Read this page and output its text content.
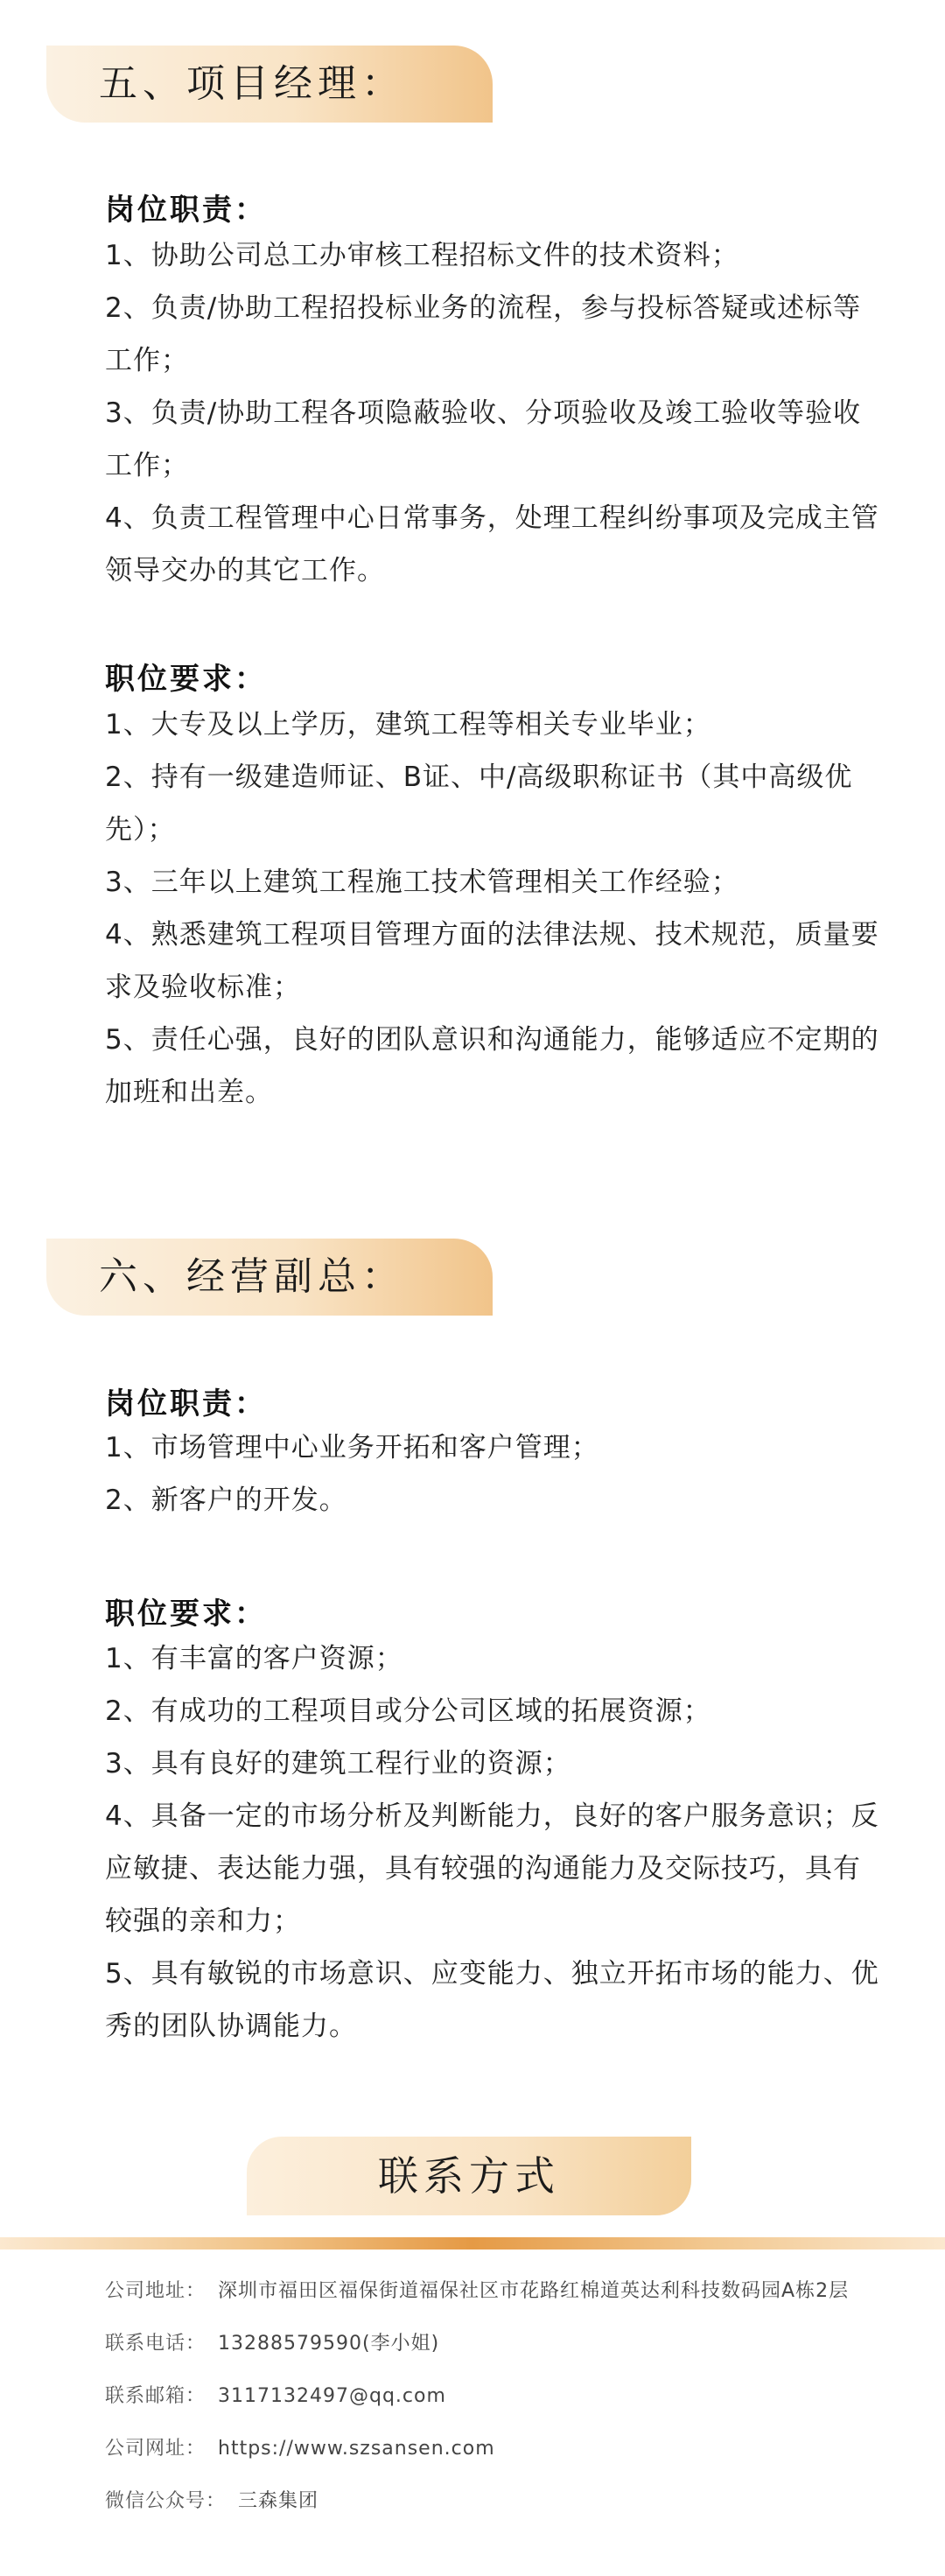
五、项目经理：
岗位职责：

1、协助公司总工办审核工程招标文件的技术资料；

2、负责/协助工程招投标业务的流程，参与投标答疑或述标等工作；

3、负责/协助工程各项隐蔽验收、分项验收及竣工验收等验收工作；

4、负责工程管理中心日常事务，处理工程纠纷事项及完成主管领导交办的其它工作。

职位要求：

1、大专及以上学历，建筑工程等相关专业毕业；

2、持有一级建造师证、B证、中/高级职称证书（其中高级优先）；

3、三年以上建筑工程施工技术管理相关工作经验；

4、熟悉建筑工程项目管理方面的法律法规、技术规范，质量要求及验收标准；

5、责任心强，良好的团队意识和沟通能力，能够适应不定期的加班和出差。

六、经营副总：
岗位职责：

1、市场管理中心业务开拓和客户管理；

2、新客户的开发。

职位要求：

1、有丰富的客户资源；

2、有成功的工程项目或分公司区域的拓展资源；

3、具有良好的建筑工程行业的资源；

4、具备一定的市场分析及判断能力，良好的客户服务意识；反应敏捷、表达能力强，具有较强的沟通能力及交际技巧，具有较强的亲和力；

5、具有敏锐的市场意识、应变能力、独立开拓市场的能力、优秀的团队协调能力。

联系方式
公司地址： 深圳市福田区福保街道福保社区市花路红棉道英达利科技数码园A栋2层
联系电话： 13288579590(李小姐)
联系邮箱： 3117132497@qq.com
公司网址： https://www.szsansen.com
微信公众号： 三森集团
